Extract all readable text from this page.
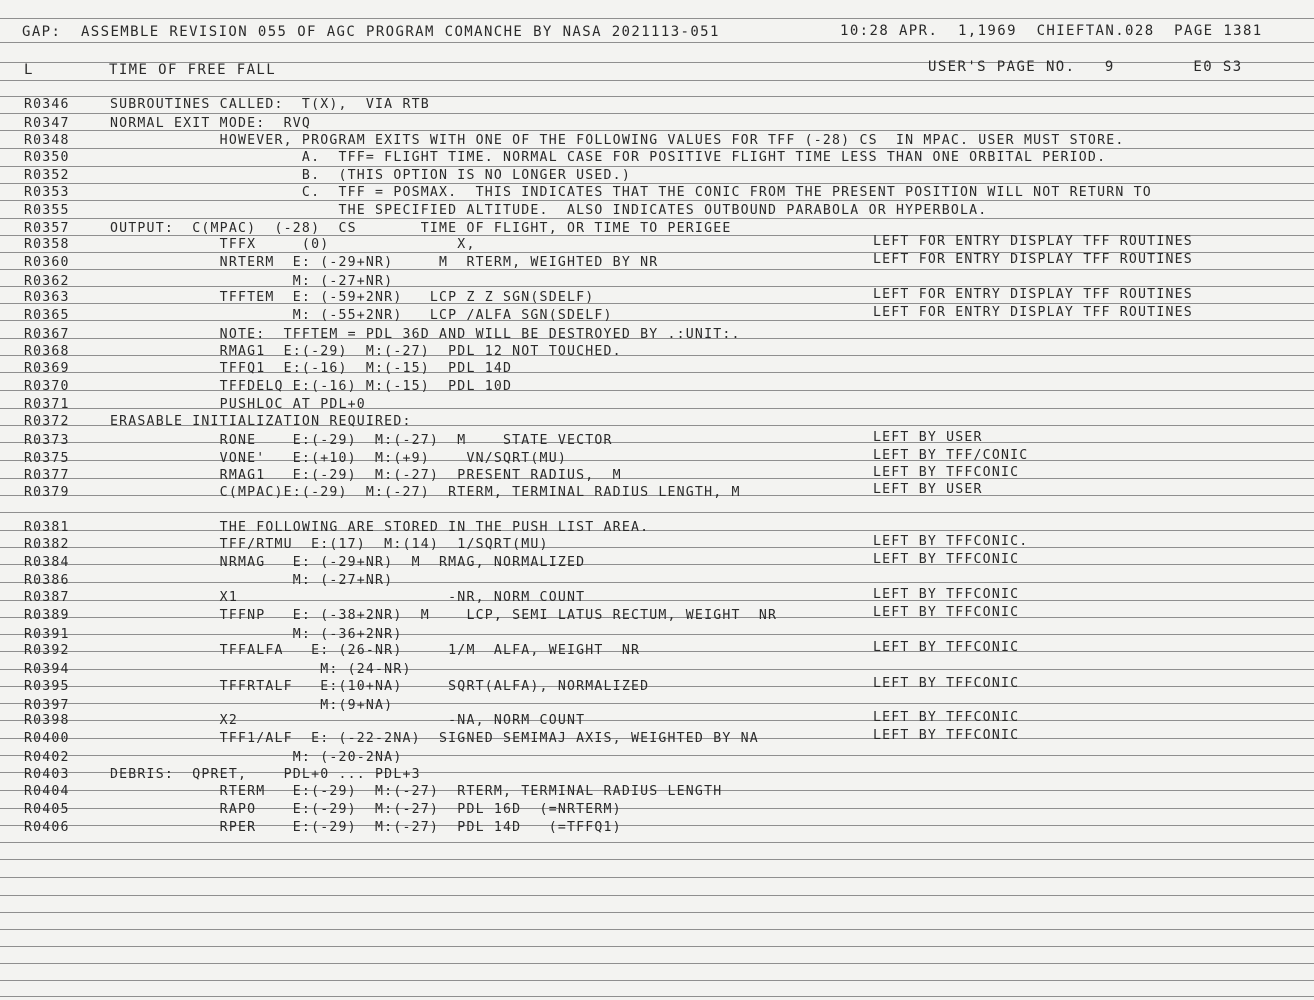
GAP:  ASSEMBLE REVISION 055 OF AGC PROGRAM COMANCHE BY NASA 2021113-051	10:28 APR.  1,1969  CHIEFTAN.028  PAGE 1381
L	TIME OF FREE FALL	USER'S PAGE NO.   9        E0 S3
R0346	SUBROUTINES CALLED:  T(X),  VIA RTB
R0347	NORMAL EXIT MODE:  RVQ
R0348	HOWEVER, PROGRAM EXITS WITH ONE OF THE FOLLOWING VALUES FOR TFF (-28) CS  IN MPAC. USER MUST STORE.
R0350	A.  TFF= FLIGHT TIME. NORMAL CASE FOR POSITIVE FLIGHT TIME LESS THAN ONE ORBITAL PERIOD.
R0352	B.  (THIS OPTION IS NO LONGER USED.)
R0353	C.  TFF = POSMAX.  THIS INDICATES THAT THE CONIC FROM THE PRESENT POSITION WILL NOT RETURN TO
R0355	THE SPECIFIED ALTITUDE.  ALSO INDICATES OUTBOUND PARABOLA OR HYPERBOLA.
R0357	OUTPUT:  C(MPAC)  (-28)  CS       TIME OF FLIGHT, OR TIME TO PERIGEE
R0358	TFFX     (0)              X,	LEFT FOR ENTRY DISPLAY TFF ROUTINES
R0360	NRTERM  E: (-29+NR)     M  RTERM, WEIGHTED BY NR	LEFT FOR ENTRY DISPLAY TFF ROUTINES
R0362	M: (-27+NR)
R0363	TFFTEM  E: (-59+2NR)   LCP Z Z SGN(SDELF)	LEFT FOR ENTRY DISPLAY TFF ROUTINES
R0365	M: (-55+2NR)   LCP /ALFA SGN(SDELF)	LEFT FOR ENTRY DISPLAY TFF ROUTINES
R0367	NOTE:  TFFTEM = PDL 36D AND WILL BE DESTROYED BY .:UNIT:.
R0368	RMAG1  E:(-29)  M:(-27)  PDL 12 NOT TOUCHED.
R0369	TFFQ1  E:(-16)  M:(-15)  PDL 14D
R0370	TFFDELQ E:(-16) M:(-15)  PDL 10D
R0371	PUSHLOC AT PDL+0
R0372	ERASABLE INITIALIZATION REQUIRED:
R0373	RONE    E:(-29)  M:(-27)  M    STATE VECTOR	LEFT BY USER
R0375	VONE'   E:(+10)  M:(+9)    VN/SQRT(MU)	LEFT BY TFF/CONIC
R0377	RMAG1   E:(-29)  M:(-27)  PRESENT RADIUS,  M	LEFT BY TFFCONIC
R0379	C(MPAC)E:(-29)  M:(-27)  RTERM, TERMINAL RADIUS LENGTH, M	LEFT BY USER
R0381	THE FOLLOWING ARE STORED IN THE PUSH LIST AREA.
R0382	TFF/RTMU  E:(17)  M:(14)  1/SQRT(MU)	LEFT BY TFFCONIC.
R0384	NRMAG   E: (-29+NR)  M  RMAG, NORMALIZED	LEFT BY TFFCONIC
R0386	M: (-27+NR)
R0387	X1                       -NR, NORM COUNT	LEFT BY TFFCONIC
R0389	TFFNP   E: (-38+2NR)  M    LCP, SEMI LATUS RECTUM, WEIGHT  NR	LEFT BY TFFCONIC
R0391	M: (-36+2NR)
R0392	TFFALFA   E: (26-NR)     1/M  ALFA, WEIGHT  NR	LEFT BY TFFCONIC
R0394	M: (24-NR)
R0395	TFFRTALF   E:(10+NA)     SQRT(ALFA), NORMALIZED	LEFT BY TFFCONIC
R0397	M:(9+NA)
R0398	X2                       -NA, NORM COUNT	LEFT BY TFFCONIC
R0400	TFF1/ALF  E: (-22-2NA)  SIGNED SEMIMAJ AXIS, WEIGHTED BY NA	LEFT BY TFFCONIC
R0402	M: (-20-2NA)
R0403	DEBRIS:  QPRET,    PDL+0 ... PDL+3
R0404	RTERM   E:(-29)  M:(-27)  RTERM, TERMINAL RADIUS LENGTH
R0405	RAPO    E:(-29)  M:(-27)  PDL 16D  (=NRTERM)
R0406	RPER    E:(-29)  M:(-27)  PDL 14D   (=TFFQ1)
